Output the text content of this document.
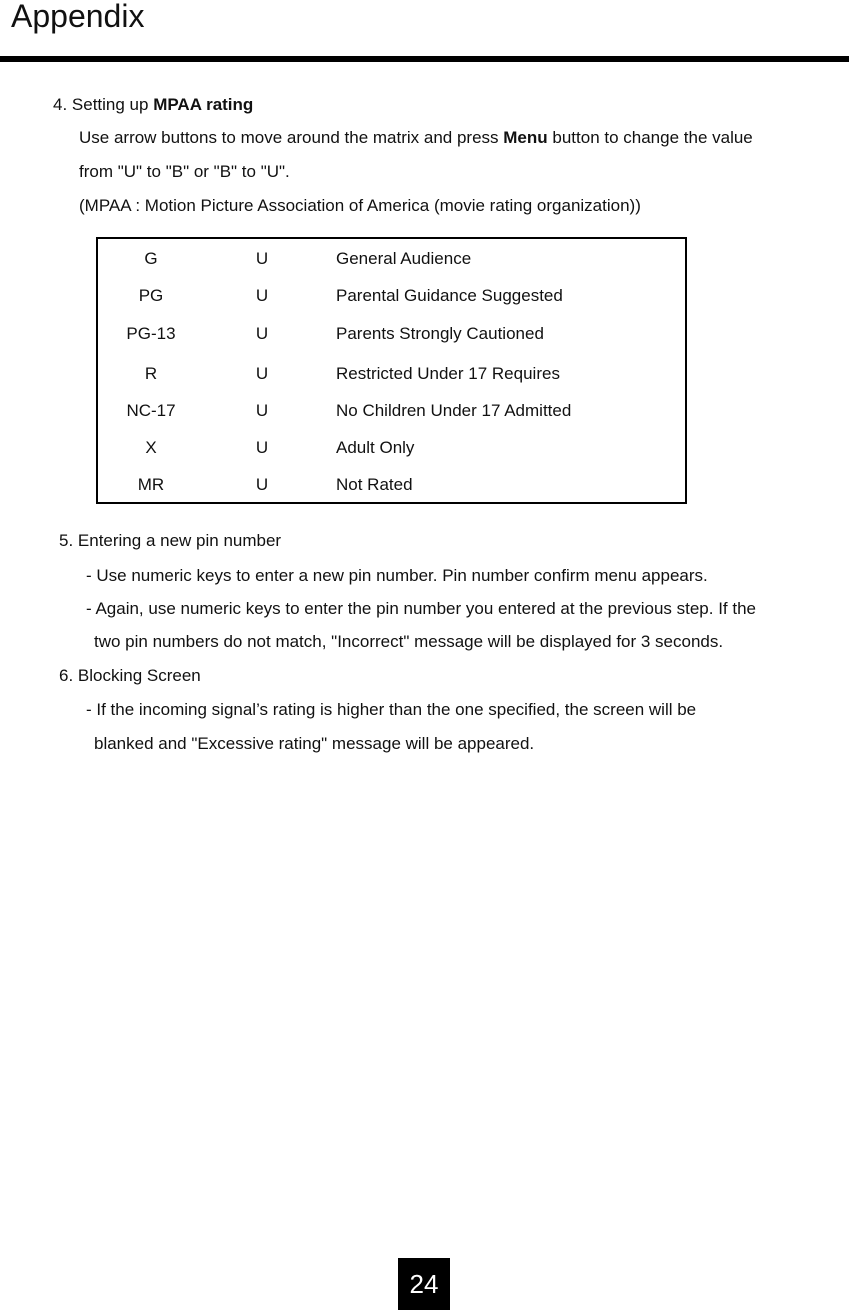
Appendix
4. Setting up MPAA rating
Use arrow buttons to move around the matrix and press Menu button to change the value
from "U" to "B" or "B" to "U".
(MPAA : Motion Picture Association of America (movie rating organization))
G	U	General Audience
PG	U	Parental Guidance Suggested
PG-13	U	Parents Strongly Cautioned
R	U	Restricted Under 17 Requires
NC-17	U	No Children Under 17 Admitted
X	U	Adult Only
MR	U	Not Rated
5. Entering a new pin number
- Use numeric keys to enter a new pin number. Pin number confirm menu appears.
- Again, use numeric keys to enter the pin number you entered at the previous step. If the
two pin numbers do not match, "Incorrect" message will be displayed for 3 seconds.
6. Blocking Screen
- If the incoming signal’s rating is higher than the one specified, the screen will be
blanked and "Excessive rating" message will be appeared.
24
